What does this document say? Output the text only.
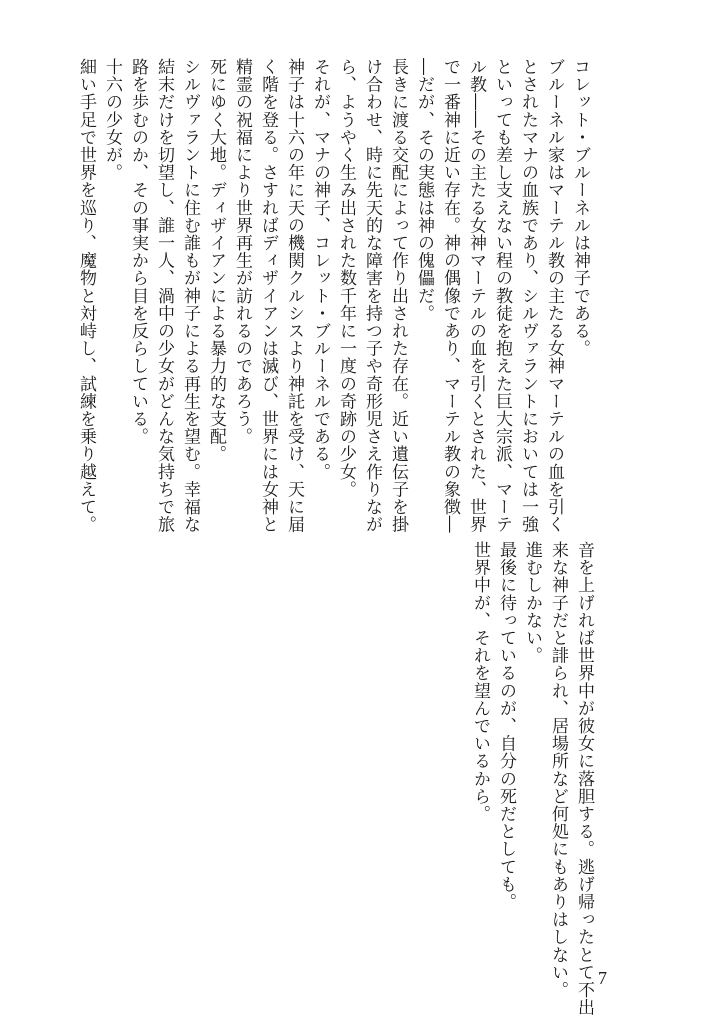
コレット・ブルーネルは神子である。
ブルーネル家はマーテル教の主たる女神マーテルの血を引く
とされたマナの血族であり、シルヴァラントにおいては一強
といっても差し支えない程の教徒を抱えた巨大宗派、マーテ
ル教――その主たる女神マーテルの血を引くとされた、世界
で一番神に近い存在。神の偶像であり、マーテル教の象徴―
―だが、その実態は神の傀儡だ。
長きに渡る交配によって作り出された存在。近い遺伝子を掛
け合わせ、時に先天的な障害を持つ子や奇形児さえ作りなが
ら、ようやく生み出された数千年に一度の奇跡の少女。
それが、マナの神子、コレット・ブルーネルである。
神子は十六の年に天の機関クルシスより神託を受け、天に届
く階を登る。さすればディザイアンは滅び、世界には女神と
精霊の祝福により世界再生が訪れるのであろう。
死にゆく大地。ディザイアンによる暴力的な支配。
シルヴァラントに住む誰もが神子による再生を望む。幸福な
結末だけを切望し、誰一人、渦中の少女がどんな気持ちで旅
路を歩むのか、その事実から目を反らしている。
十六の少女が。
細い手足で世界を巡り、魔物と対峙し、試練を乗り越えて。
音を上げれば世界中が彼女に落胆する。逃げ帰ったとて不出
来な神子だと誹られ、居場所など何処にもありはしない。
進むしかない。
最後に待っているのが、自分の死だとしても。
世界中が、それを望んでいるから。
7
